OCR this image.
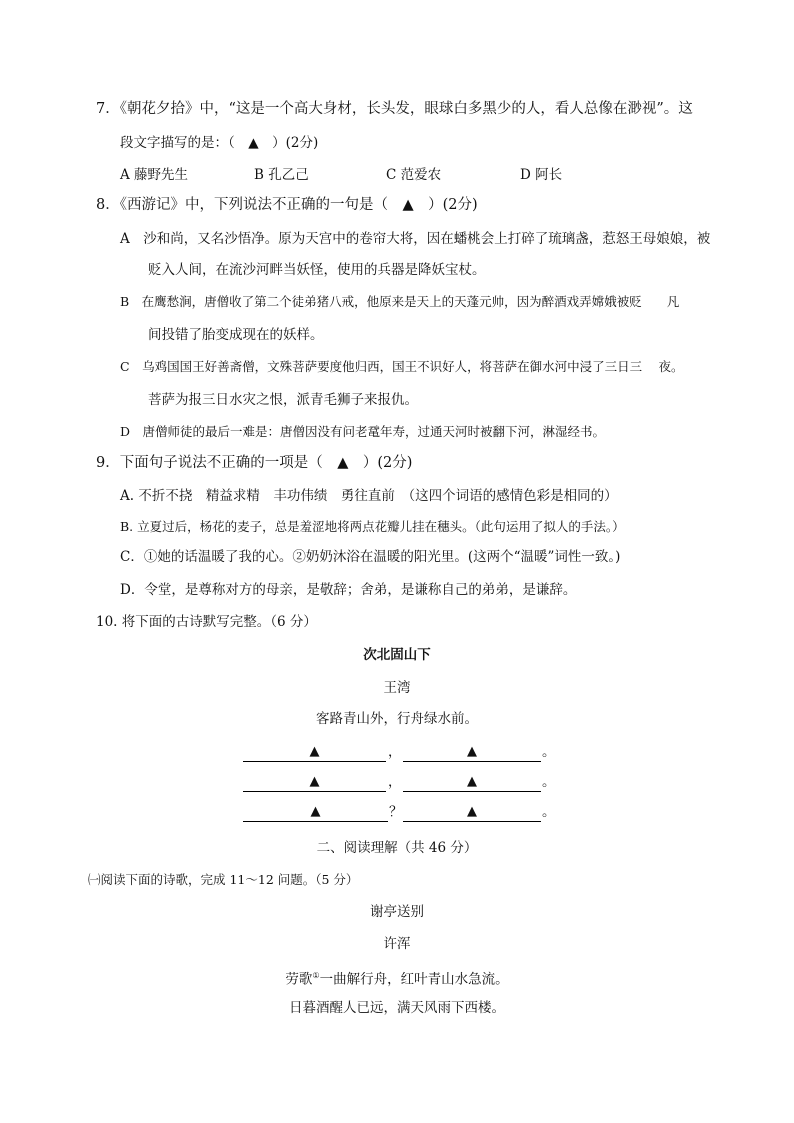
7．《朝花夕拾》中，“这是一个高大身材，长头发，眼球白多黑少的人，看人总像在渺视”。这
段文字描写的是：（　▲　）(2分)
A 藤野先生	B 孔乙己	C 范爱农	D 阿长
8．《西游记》中，下列说法不正确的一句是（　▲　）(2分)
A　沙和尚，又名沙悟净。原为天宫中的卷帘大将，因在蟠桃会上打碎了琉璃盏，惹怒王母娘娘，被
贬入人间，在流沙河畔当妖怪，使用的兵器是降妖宝杖。
B　在鹰愁涧，唐僧收了第二个徒弟猪八戒，他原来是天上的天蓬元帅，因为醉酒戏弄嫦娥被贬　　凡
间投错了胎变成现在的妖样。
C　乌鸡国国王好善斋僧，文殊菩萨要度他归西，国王不识好人，将菩萨在御水河中浸了三日三　 夜。
菩萨为报三日水灾之恨，派青毛狮子来报仇。
D　唐僧师徒的最后一难是：唐僧因没有问老鼋年寿，过通天河时被翻下河，淋湿经书。
9．下面句子说法不正确的一项是（　▲　）(2分)
A. 不折不挠　精益求精　丰功伟绩　勇往直前　（这四个词语的感情色彩是相同的）
B. 立夏过后，杨花的麦子，总是羞涩地将两点花瓣儿挂在穗头。（此句运用了拟人的手法。）
C．①她的话温暖了我的心。②奶奶沐浴在温暖的阳光里。(这两个“温暖”词性一致。)
D．令堂，是尊称对方的母亲，是敬辞；舍弟，是谦称自己的弟弟，是谦辞。
10. 将下面的古诗默写完整。（6 分）
次北固山下
王湾
客路青山外，行舟绿水前。
▲	，	▲	。
▲	，	▲	。
▲	？	▲	。
二、阅读理解（共 46 分）
㈠阅读下面的诗歌，完成 11～12 问题。（5 分）
谢亭送别
许浑
劳歌①一曲解行舟，红叶青山水急流。
日暮酒醒人已远，满天风雨下西楼。
